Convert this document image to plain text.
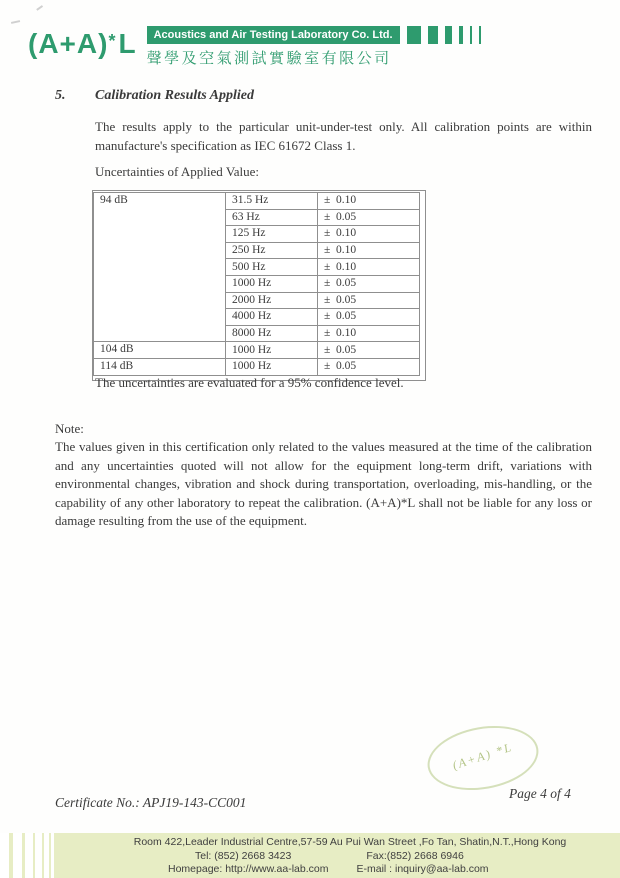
(A+A)*L	Acoustics and Air Testing Laboratory Co. Ltd.
聲學及空氣測試實驗室有限公司
5.	Calibration Results Applied
The results apply to the particular unit-under-test only. All calibration points are within manufacture's specification as IEC 61672 Class 1.
Uncertainties of Applied Value:
94 dB	31.5 Hz	±  0.10
	63 Hz	±  0.05
	125 Hz	±  0.10
	250 Hz	±  0.10
	500 Hz	±  0.10
	1000 Hz	±  0.05
	2000 Hz	±  0.05
	4000 Hz	±  0.05
	8000 Hz	±  0.10
104 dB	1000 Hz	±  0.05
114 dB	1000 Hz	±  0.05
The uncertainties are evaluated for a 95% confidence level.
Note:
The values given in this certification only related to the values measured at the time of the calibration and any uncertainties quoted will not allow for the equipment long-term drift, variations with environmental changes, vibration and shock during transportation, overloading, mis-handling, or the capability of any other laboratory to repeat the calibration. (A+A)*L shall not be liable for any loss or damage resulting from the use of the equipment.
(A+A) *L
Page 4 of 4
Certificate No.: APJ19-143-CC001
Room 422,Leader Industrial Centre,57-59 Au Pui Wan Street ,Fo Tan, Shatin,N.T.,Hong Kong
Tel: (852) 2668 3423	Fax:(852) 2668 6946
Homepage: http://www.aa-lab.com	E-mail : inquiry@aa-lab.com
